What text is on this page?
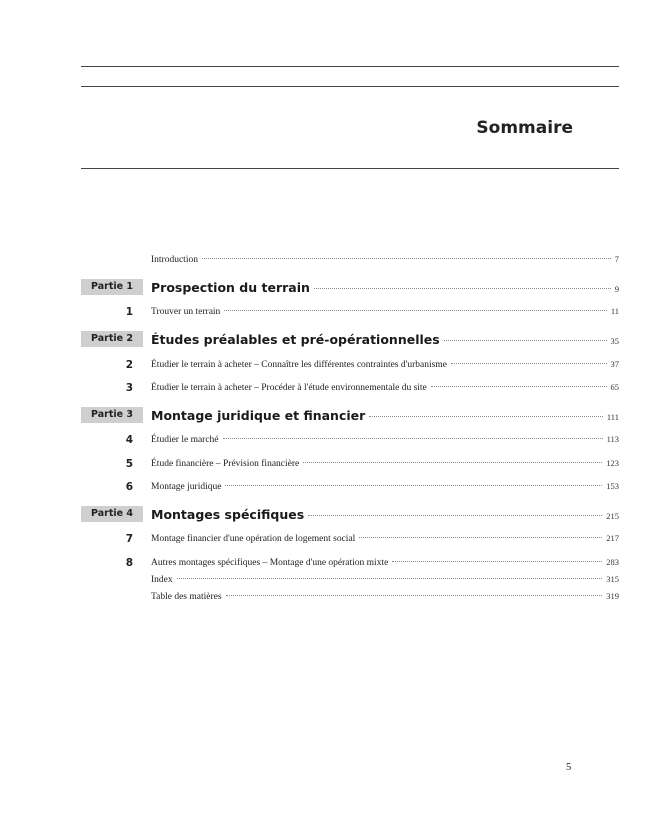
Sommaire
Introduction	7
Partie 1	Prospection du terrain	9
1 Trouver un terrain	11
Partie 2	Études préalables et pré-opérationnelles	35
2 Étudier le terrain à acheter – Connaître les différentes contraintes d'urbanisme	37
3 Étudier le terrain à acheter – Procéder à l'étude environnementale du site	65
Partie 3	Montage juridique et financier	111
4 Étudier le marché	113
5 Étude financière – Prévision financière	123
6 Montage juridique	153
Partie 4	Montages spécifiques	215
7 Montage financier d'une opération de logement social	217
8 Autres montages spécifiques – Montage d'une opération mixte	283
Index	315
Table des matières	319
5
